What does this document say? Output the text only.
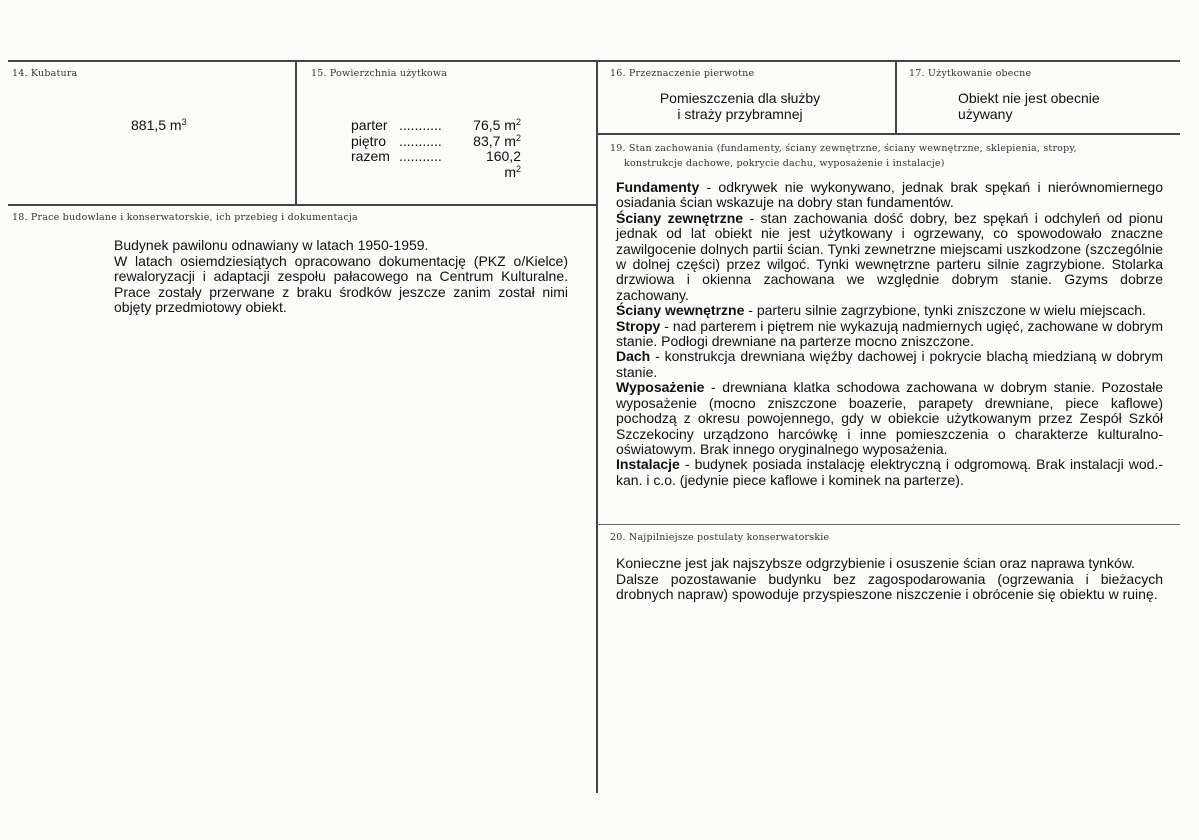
14. Kubatura
881,5 $m^3$
15. Powierzchnia użytkowa
parter ...........	76,5 $m^2$
piętro ...........	83,7 $m^2$
razem ...........	160,2 $m^2$
16. Przeznaczenie pierwotne
Pomieszczenia dla służby
i straży przybramnej
17. Użytkowanie obecne
Obiekt nie jest obecnie
używany
18. Prace budowlane i konserwatorskie, ich przebieg i dokumentacja
Budynek pawilonu odnawiany w latach 1950-1959.
W latach osiemdziesiątych opracowano dokumentację (PKZ o/Kielce) rewaloryzacji i adaptacji zespołu pałacowego na Centrum Kulturalne. Prace zostały przerwane z braku środków jeszcze zanim został nimi objęty przedmiotowy obiekt.
19. Stan zachowania (fundamenty, ściany zewnętrzne, ściany wewnętrzne, sklepienia, stropy,
konstrukcje dachowe, pokrycie dachu, wyposażenie i instalacje)
Fundamenty - odkrywek nie wykonywano, jednak brak spękań i nierównomiernego osiadania ścian wskazuje na dobry stan fundamentów.
Ściany zewnętrzne - stan zachowania dość dobry, bez spękań i odchyleń od pionu jednak od lat obiekt nie jest użytkowany i ogrzewany, co spowodowało znaczne zawilgocenie dolnych partii ścian. Tynki zewnetrzne miejscami uszkodzone (szczególnie w dolnej części) przez wilgoć. Tynki wewnętrzne parteru silnie zagrzybione. Stolarka drzwiowa i okienna zachowana we względnie dobrym stanie. Gzyms dobrze zachowany.
Ściany wewnętrzne - parteru silnie zagrzybione, tynki zniszczone w wielu miejscach.
Stropy - nad parterem i piętrem nie wykazują nadmiernych ugięć, zachowane w dobrym stanie. Podłogi drewniane na parterze mocno zniszczone.
Dach - konstrukcja drewniana więźby dachowej i pokrycie blachą miedzianą w dobrym stanie.
Wyposażenie - drewniana klatka schodowa zachowana w dobrym stanie. Pozostałe wyposażenie (mocno zniszczone boazerie, parapety drewniane, piece kaflowe) pochodzą z okresu powojennego, gdy w obiekcie użytkowanym przez Zespół Szkół Szczekociny urządzono harcówkę i inne pomieszczenia o charakterze kulturalno-oświatowym. Brak innego oryginalnego wyposażenia.
Instalacje - budynek posiada instalację elektryczną i odgromową. Brak instalacji wod.-kan. i c.o. (jedynie piece kaflowe i kominek na parterze).
20. Najpilniejsze postulaty konserwatorskie
Konieczne jest jak najszybsze odgrzybienie i osuszenie ścian oraz naprawa tynków.
Dalsze pozostawanie budynku bez zagospodarowania (ogrzewania i bieżacych drobnych napraw) spowoduje przyspieszone niszczenie i obrócenie się obiektu w ruinę.
